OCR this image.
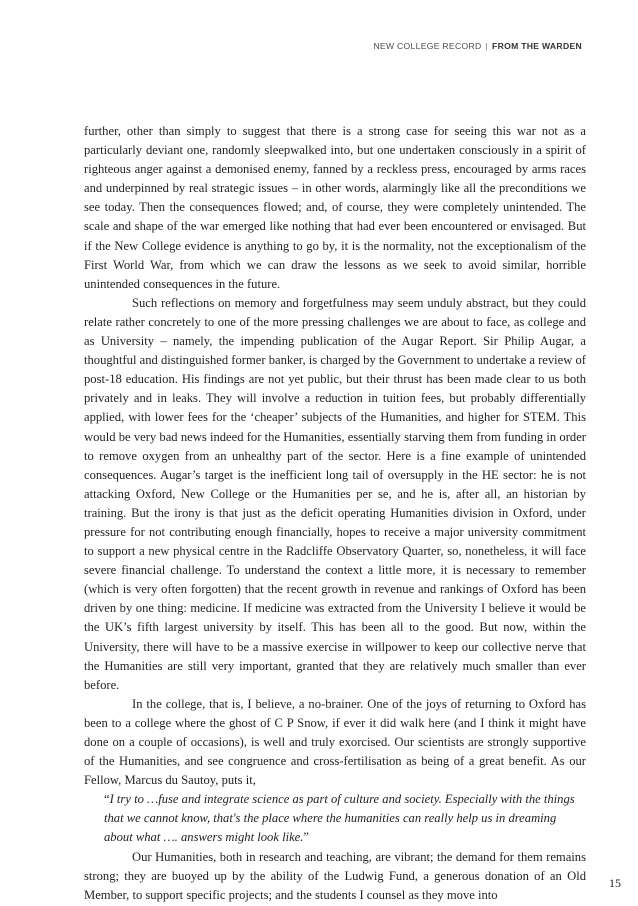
NEW COLLEGE RECORD | FROM THE WARDEN

further, other than simply to suggest that there is a strong case for seeing this war not as a particularly deviant one, randomly sleepwalked into, but one undertaken consciously in a spirit of righteous anger against a demonised enemy, fanned by a reckless press, encouraged by arms races and underpinned by real strategic issues – in other words, alarmingly like all the preconditions we see today. Then the consequences flowed; and, of course, they were completely unintended. The scale and shape of the war emerged like nothing that had ever been encountered or envisaged. But if the New College evidence is anything to go by, it is the normality, not the exceptionalism of the First World War, from which we can draw the lessons as we seek to avoid similar, horrible unintended consequences in the future.

Such reflections on memory and forgetfulness may seem unduly abstract, but they could relate rather concretely to one of the more pressing challenges we are about to face, as college and as University – namely, the impending publication of the Augar Report. Sir Philip Augar, a thoughtful and distinguished former banker, is charged by the Government to undertake a review of post-18 education. His findings are not yet public, but their thrust has been made clear to us both privately and in leaks. They will involve a reduction in tuition fees, but probably differentially applied, with lower fees for the ‘cheaper’ subjects of the Humanities, and higher for STEM. This would be very bad news indeed for the Humanities, essentially starving them from funding in order to remove oxygen from an unhealthy part of the sector. Here is a fine example of unintended consequences. Augar’s target is the inefficient long tail of oversupply in the HE sector: he is not attacking Oxford, New College or the Humanities per se, and he is, after all, an historian by training. But the irony is that just as the deficit operating Humanities division in Oxford, under pressure for not contributing enough financially, hopes to receive a major university commitment to support a new physical centre in the Radcliffe Observatory Quarter, so, nonetheless, it will face severe financial challenge. To understand the context a little more, it is necessary to remember (which is very often forgotten) that the recent growth in revenue and rankings of Oxford has been driven by one thing: medicine. If medicine was extracted from the University I believe it would be the UK’s fifth largest university by itself. This has been all to the good. But now, within the University, there will have to be a massive exercise in willpower to keep our collective nerve that the Humanities are still very important, granted that they are relatively much smaller than ever before.

In the college, that is, I believe, a no-brainer. One of the joys of returning to Oxford has been to a college where the ghost of C P Snow, if ever it did walk here (and I think it might have done on a couple of occasions), is well and truly exorcised. Our scientists are strongly supportive of the Humanities, and see congruence and cross-fertilisation as being of a great benefit. As our Fellow, Marcus du Sautoy, puts it,

“I try to …fuse and integrate science as part of culture and society. Especially with the things that we cannot know, that's the place where the humanities can really help us in dreaming about what …. answers might look like.”

Our Humanities, both in research and teaching, are vibrant; the demand for them remains strong; they are buoyed up by the ability of the Ludwig Fund, a generous donation of an Old Member, to support specific projects; and the students I counsel as they move into

15
